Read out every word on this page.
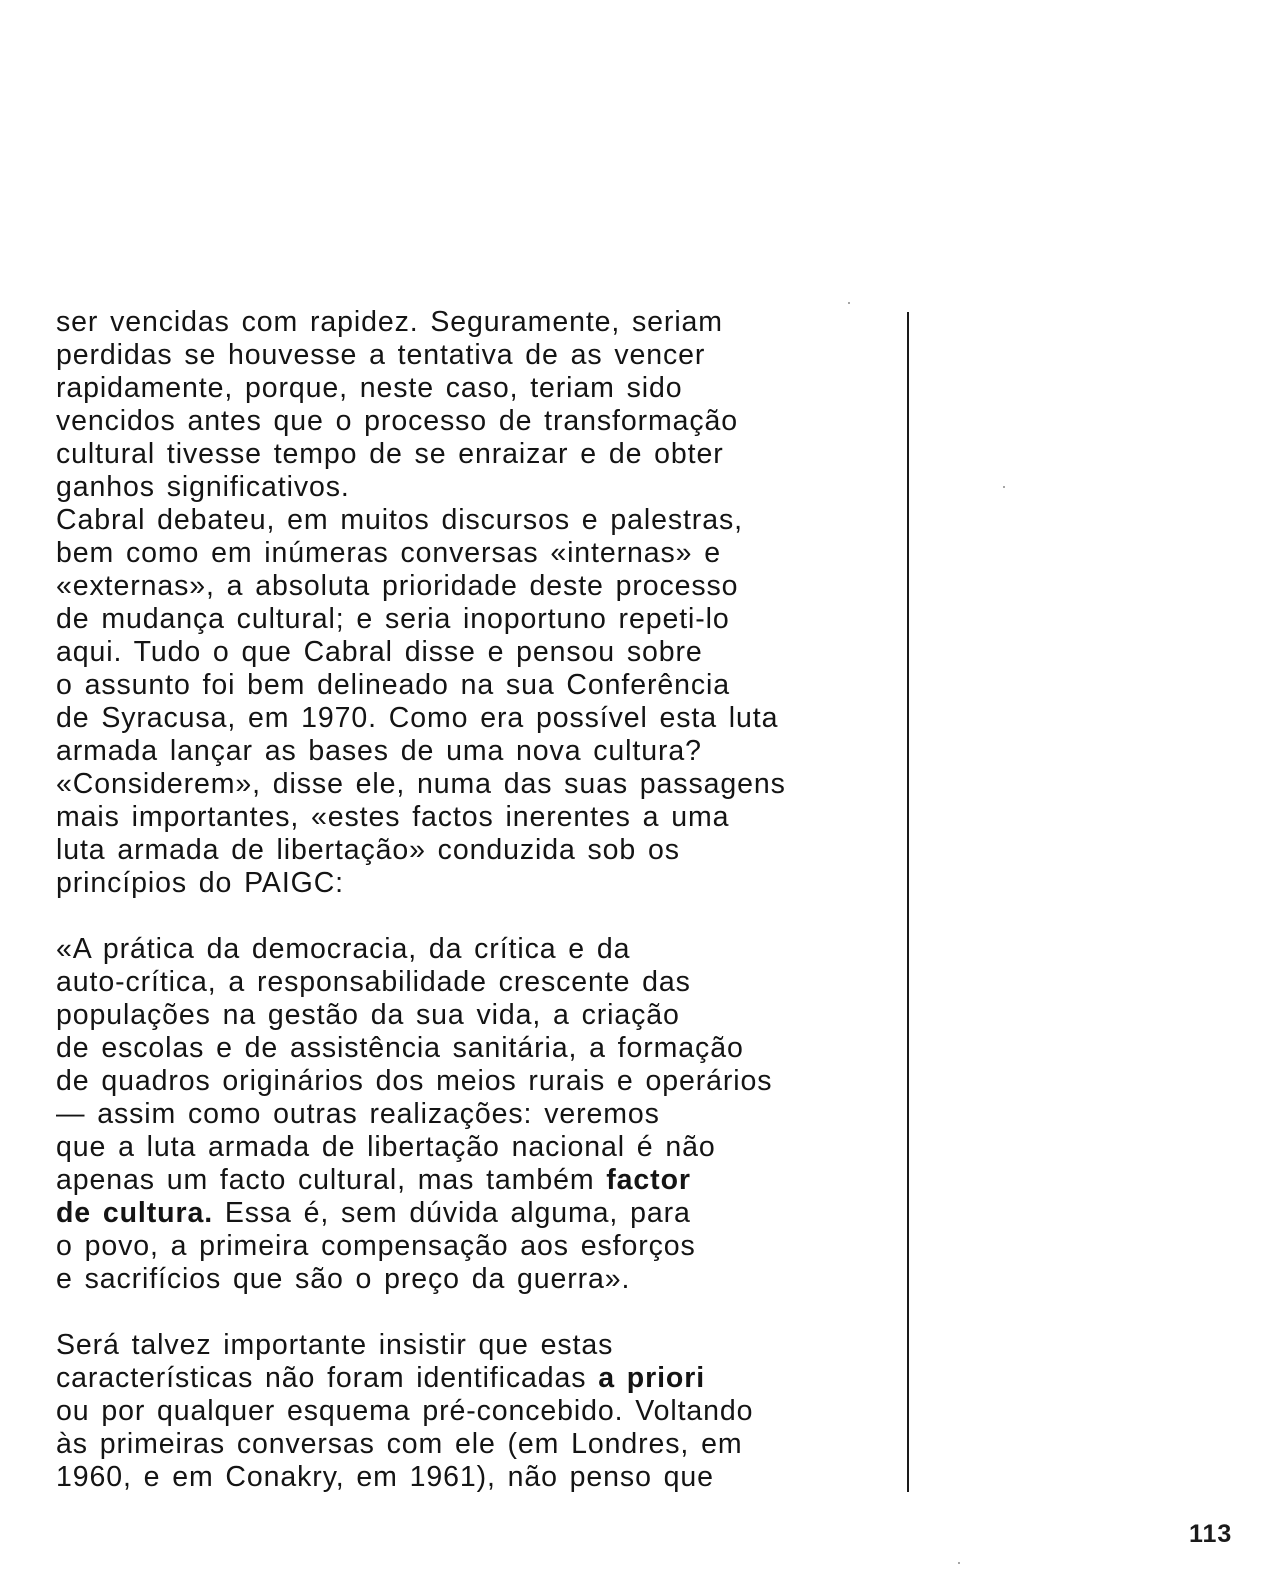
ser vencidas com rapidez. Seguramente, seriam
perdidas se houvesse a tentativa de as vencer
rapidamente, porque, neste caso, teriam sido
vencidos antes que o processo de transformação
cultural tivesse tempo de se enraizar e de obter
ganhos significativos.
Cabral debateu, em muitos discursos e palestras,
bem como em inúmeras conversas «internas» e
«externas», a absoluta prioridade deste processo
de mudança cultural; e seria inoportuno repeti-lo
aqui. Tudo o que Cabral disse e pensou sobre
o assunto foi bem delineado na sua Conferência
de Syracusa, em 1970. Como era possível esta luta
armada lançar as bases de uma nova cultura?
«Considerem», disse ele, numa das suas passagens
mais importantes, «estes factos inerentes a uma
luta armada de libertação» conduzida sob os
princípios do PAIGC:
«A prática da democracia, da crítica e da
auto-crítica, a responsabilidade crescente das
populações na gestão da sua vida, a criação
de escolas e de assistência sanitária, a formação
de quadros originários dos meios rurais e operários
— assim como outras realizações: veremos
que a luta armada de libertação nacional é não
apenas um facto cultural, mas também factor
de cultura. Essa é, sem dúvida alguma, para
o povo, a primeira compensação aos esforços
e sacrifícios que são o preço da guerra».
Será talvez importante insistir que estas
características não foram identificadas a priori
ou por qualquer esquema pré-concebido. Voltando
às primeiras conversas com ele (em Londres, em
1960, e em Conakry, em 1961), não penso que
113
